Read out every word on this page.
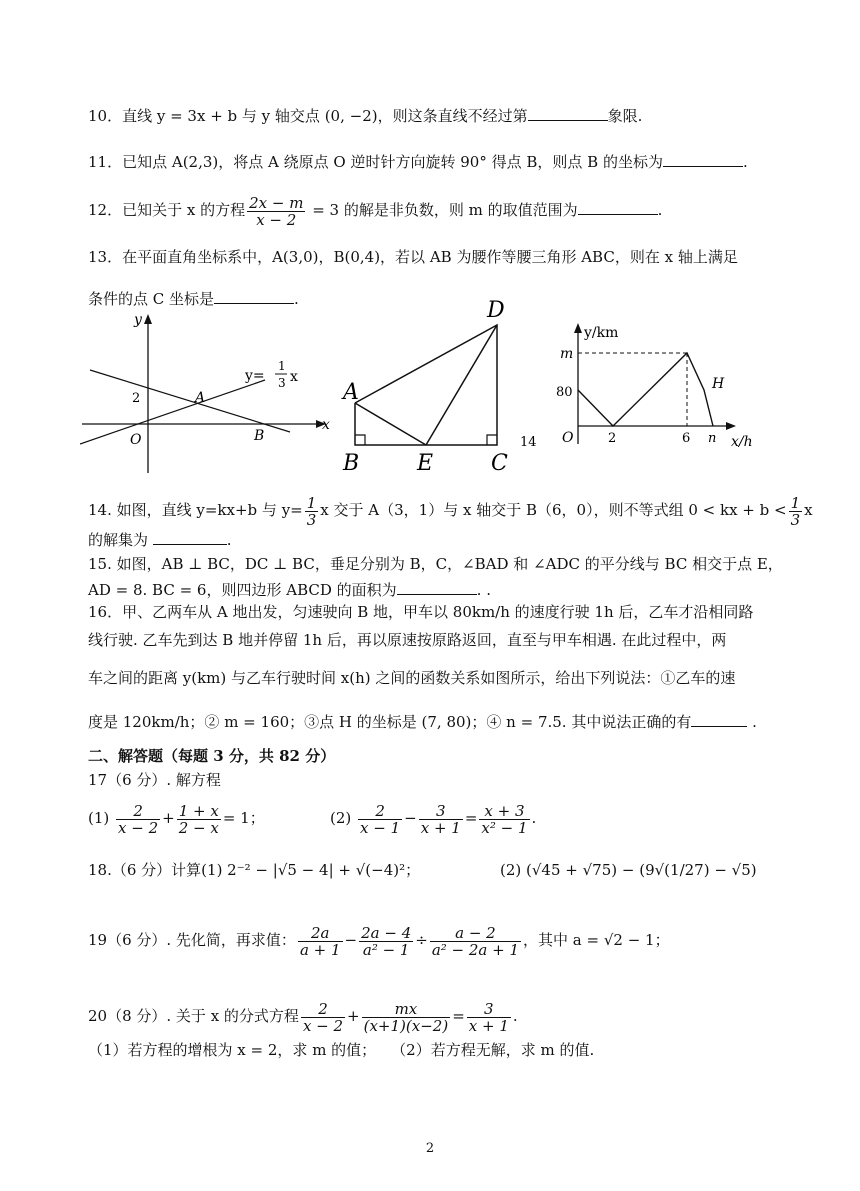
10．直线 y = 3x + b 与 y 轴交点 (0, −2)，则这条直线不经过第	象限.
11．已知点 A(2,3)，将点 A 绕原点 O 逆时针方向旋转 90° 得点 B，则点 B 的坐标为	.
12．已知关于 x 的方程 $\frac{2x - m}{x - 2} = 3$ 的解是非负数，则 m 的取值范围为	.
13．在平面直角坐标系中，A(3,0)，B(0,4)，若以 AB 为腰作等腰三角形 ABC，则在 x 轴上满足
条件的点 C 坐标是	.
y
x
O
2	A
B
y=
1
3 x
A
B	C
D
E
y/km
x/h
m
80
O	2	6 n
H
14
14. 如图，直线 y=kx+b 与 $y= \frac{1}{3}$ x 交于 A（3，1）与 x 轴交于 B（6，0），则不等式组 0 < kx + $b < \frac{1}{3}$ x
的解集为	.
15. 如图，AB ⊥ BC，DC ⊥ BC，垂足分别为 B，C，∠BAD 和 ∠ADC 的平分线与 BC 相交于点 E，
AD = 8. BC = 6，则四边形 ABCD 的面积为	. .
16．甲、乙两车从 A 地出发，匀速驶向 B 地，甲车以 80km/h 的速度行驶 1h 后，乙车才沿相同路
线行驶. 乙车先到达 B 地并停留 1h 后，再以原速按原路返回，直至与甲车相遇. 在此过程中，两
车之间的距离 y(km) 与乙车行驶时间 x(h) 之间的函数关系如图所示，给出下列说法：①乙车的速
度是 120km/h；② m = 160；③点 H 的坐标是 (7, 80)；④ n = 7.5. 其中说法正确的有	.
二、解答题（每题 3 分，共 82 分）
17（6 分）. 解方程
$(1) \frac{2}{x - 2} + \frac{1 + x}{2 - x} = 1$；	$(2) \frac{2}{x - 1} - \frac{3}{x + 1} = \frac{x + 3}{\text{x² − 1}}$ .
18.（6 分）计算(1) 2⁻² − |√5 − 4| + √(−4)²；	(2) (√45 + √75) − (9√(1/27) − √5)
19（6 分）. 先化简，再求值： $\frac{2a}{a + 1} - \frac{2a - 4}{\text{a² − 1}} \div \frac{a - 2}{\text{a² − 2a + 1}}$ ，其中 a = √2 − 1；
20（8 分）. 关于 x 的分式方程 $\frac{2}{x - 2} + \frac{mx}{(x+1)(x-2)} = \frac{3}{x + 1}$ .
（1）若方程的增根为 x = 2，求 m 的值；　　（2）若方程无解，求 m 的值.
2
